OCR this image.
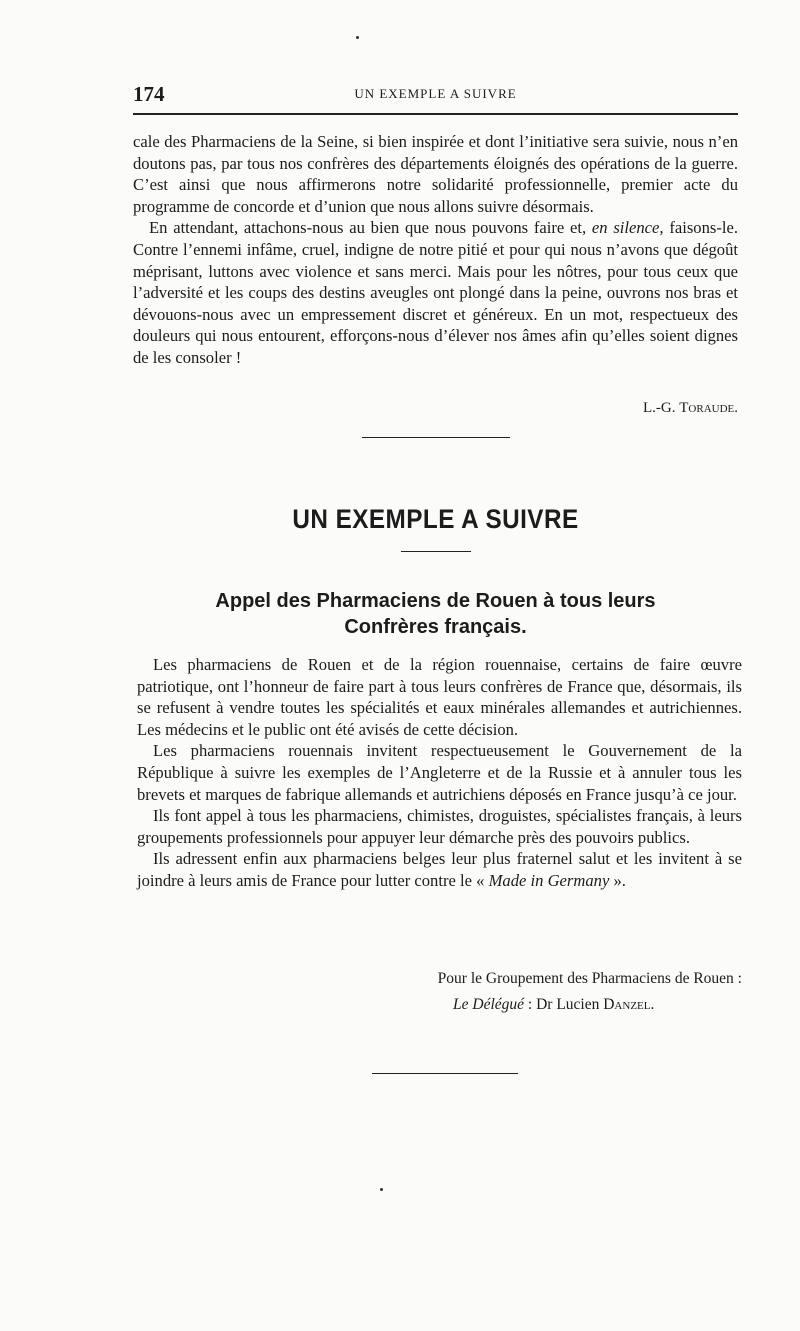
174	UN EXEMPLE A SUIVRE

cale des Pharmaciens de la Seine, si bien inspirée et dont l’initiative sera suivie, nous n’en doutons pas, par tous nos confrères des départements éloignés des opérations de la guerre. C’est ainsi que nous affirmerons notre solidarité professionnelle, premier acte du programme de concorde et d’union que nous allons suivre désormais.

En attendant, attachons-nous au bien que nous pouvons faire et, en silence, faisons-le. Contre l’ennemi infâme, cruel, indigne de notre pitié et pour qui nous n’avons que dégoût méprisant, luttons avec violence et sans merci. Mais pour les nôtres, pour tous ceux que l’adversité et les coups des destins aveugles ont plongé dans la peine, ouvrons nos bras et dévouons-nous avec un empressement discret et généreux. En un mot, respectueux des douleurs qui nous entourent, efforçons-nous d’élever nos âmes afin qu’elles soient dignes de les consoler !

L.-G. Toraude.
UN EXEMPLE A SUIVRE
Appel des Pharmaciens de Rouen à tous leurs
Confrères français.

Les pharmaciens de Rouen et de la région rouennaise, certains de faire œuvre patriotique, ont l’honneur de faire part à tous leurs confrères de France que, désormais, ils se refusent à vendre toutes les spécialités et eaux minérales allemandes et autrichiennes. Les médecins et le public ont été avisés de cette décision.

Les pharmaciens rouennais invitent respectueusement le Gouvernement de la République à suivre les exemples de l’Angleterre et de la Russie et à annuler tous les brevets et marques de fabrique allemands et autrichiens déposés en France jusqu’à ce jour.

Ils font appel à tous les pharmaciens, chimistes, droguistes, spécialistes français, à leurs groupements professionnels pour appuyer leur démarche près des pouvoirs publics.

Ils adressent enfin aux pharmaciens belges leur plus fraternel salut et les invitent à se joindre à leurs amis de France pour lutter contre le « Made in Germany ».

Pour le Groupement des Pharmaciens de Rouen :
Le Délégué : Dr Lucien Danzel.
